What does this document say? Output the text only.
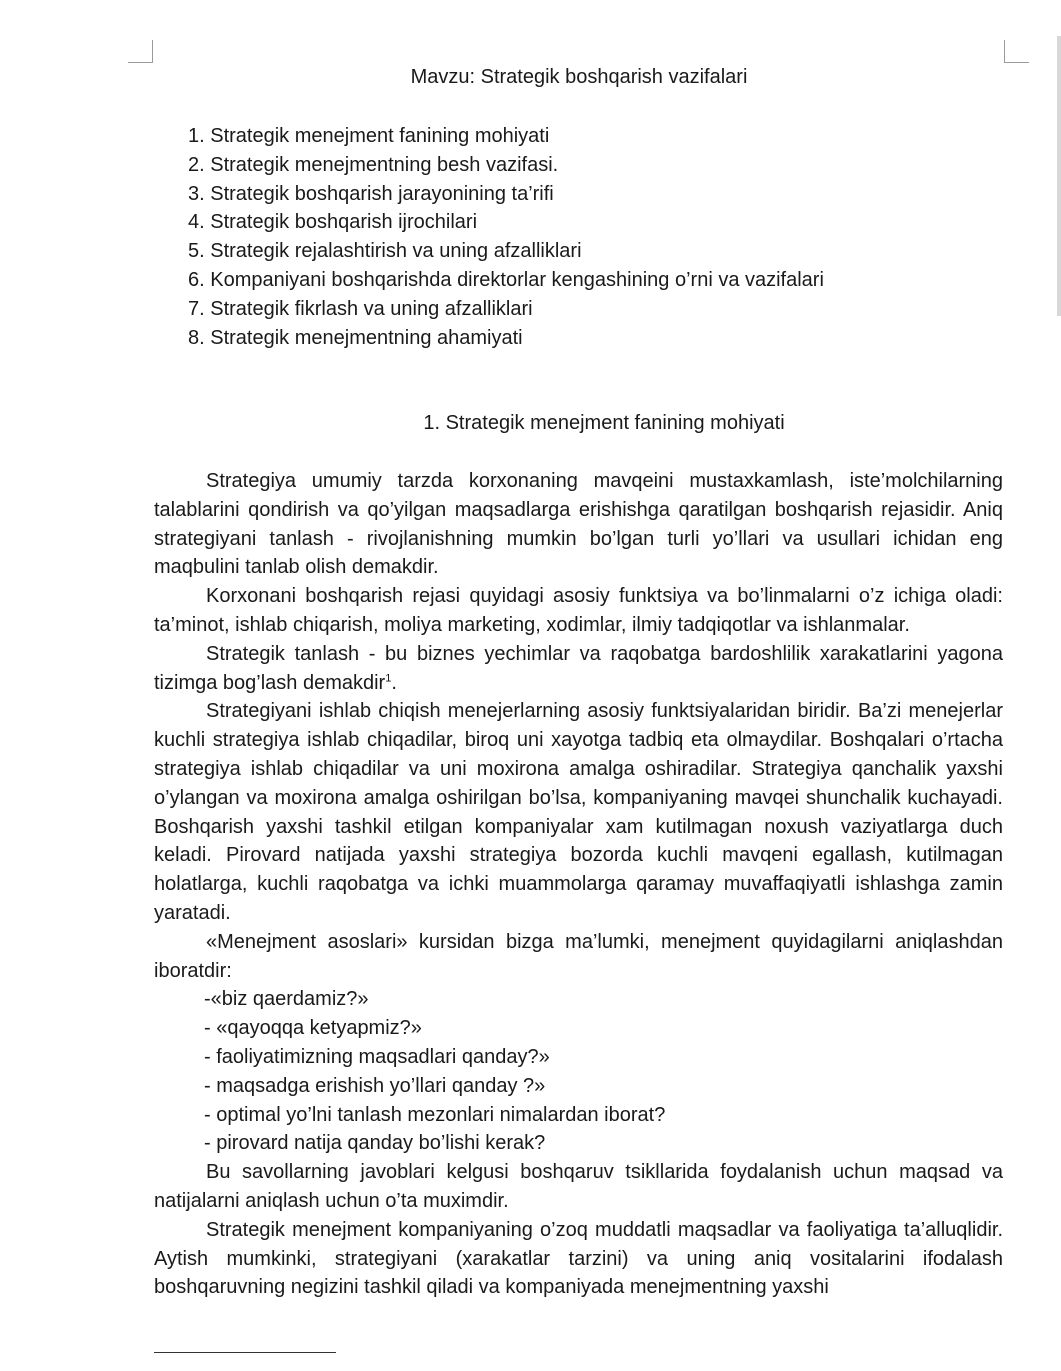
Mavzu: Strategik boshqarish vazifalari
1. Strategik menejment fanining mohiyati
2. Strategik menejmentning besh vazifasi.
3. Strategik boshqarish jarayonining ta’rifi
4. Strategik boshqarish ijrochilari
5. Strategik rejalashtirish va uning afzalliklari
6. Kompaniyani boshqarishda direktorlar kengashining o’rni va vazifalari
7. Strategik fikrlash va uning afzalliklari
8. Strategik menejmentning ahamiyati
1. Strategik menejment fanining mohiyati

Strategiya umumiy tarzda korxonaning mavqeini mustaxkamlash, iste’molchilarning talablarini qondirish va qo’yilgan maqsadlarga erishishga qaratilgan boshqarish rejasidir. Aniq strategiyani tanlash - rivojlanishning mumkin bo’lgan turli yo’llari va usullari ichidan eng maqbulini tanlab olish demakdir.

Korxonani boshqarish rejasi quyidagi asosiy funktsiya va bo’linmalarni o’z ichiga oladi: ta’minot, ishlab chiqarish, moliya marketing, xodimlar, ilmiy tadqiqotlar va ishlanmalar.

Strategik tanlash - bu biznes yechimlar va raqobatga bardoshlilik xarakatlarini yagona tizimga bog’lash demakdir$^1$.

Strategiyani ishlab chiqish menejerlarning asosiy funktsiyalaridan biridir. Ba’zi menejerlar kuchli strategiya ishlab chiqadilar, biroq uni xayotga tadbiq eta olmaydilar. Boshqalari o’rtacha strategiya ishlab chiqadilar va uni moxirona amalga oshiradilar. Strategiya qanchalik yaxshi o’ylangan va moxirona amalga oshirilgan bo’lsa, kompaniyaning mavqei shunchalik kuchayadi. Boshqarish yaxshi tashkil etilgan kompaniyalar xam kutilmagan noxush vaziyatlarga duch keladi. Pirovard natijada yaxshi strategiya bozorda kuchli mavqeni egallash, kutilmagan holatlarga, kuchli raqobatga va ichki muammolarga qaramay muvaffaqiyatli ishlashga zamin yaratadi.

«Menejment asoslari» kursidan bizga ma’lumki, menejment quyidagilarni aniqlashdan iboratdir:

-«biz qaerdamiz?»
- «qayoqqa ketyapmiz?»
- faoliyatimizning maqsadlari qanday?»
- maqsadga erishish yo’llari qanday ?»
- optimal yo’lni tanlash mezonlari nimalardan iborat?
- pirovard natija qanday bo’lishi kerak?

Bu savollarning javoblari kelgusi boshqaruv tsikllarida foydalanish uchun maqsad va natijalarni aniqlash uchun o’ta muximdir.

Strategik menejment kompaniyaning o’zoq muddatli maqsadlar va faoliyatiga ta’alluqlidir. Aytish mumkinki, strategiyani (xarakatlar tarzini) va uning aniq vositalarini ifodalash boshqaruvning negizini tashkil qiladi va kompaniyada menejmentning yaxshi
